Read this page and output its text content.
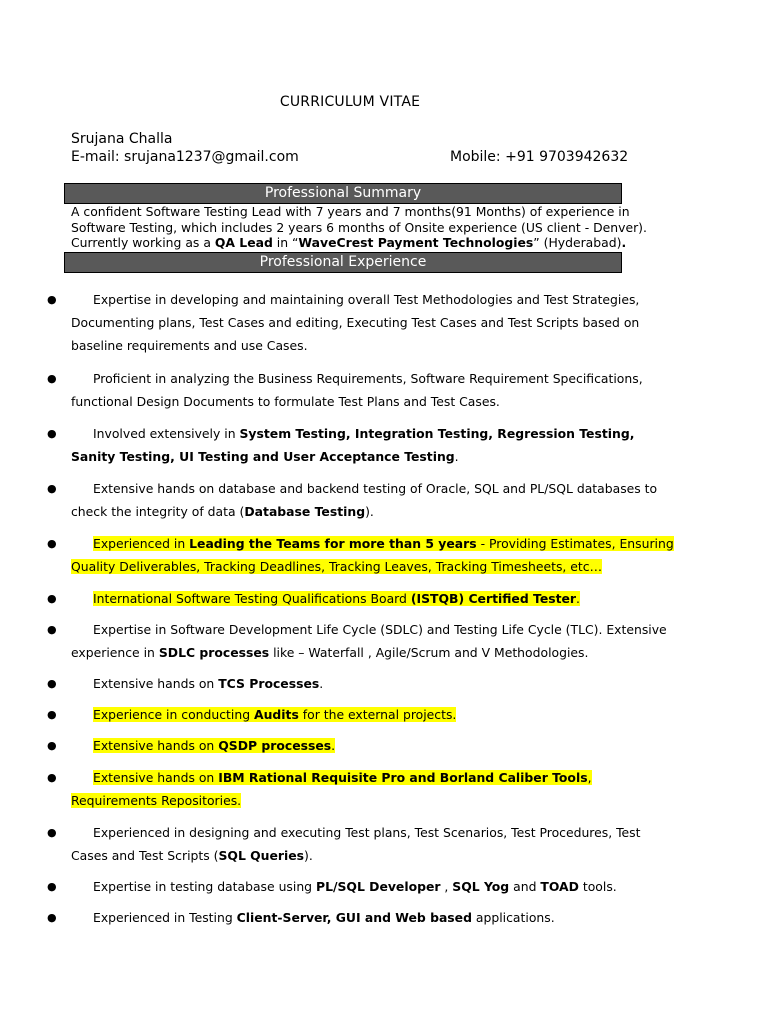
CURRICULUM VITAE
Srujana Challa
E-mail: srujana1237@gmail.com	Mobile: +91 9703942632
Professional Summary

A confident Software Testing Lead with 7 years and 7 months(91 Months) of experience in

Software Testing, which includes 2 years 6 months of Onsite experience (US client - Denver).

Currently working as a QA Lead in “WaveCrest Payment Technologies” (Hyderabad).

Professional Experience
●	Expertise in developing and maintaining overall Test Methodologies and Test Strategies,
Documenting plans, Test Cases and editing, Executing Test Cases and Test Scripts based on
baseline requirements and use Cases.
●	Proficient in analyzing the Business Requirements, Software Requirement Specifications,
functional Design Documents to formulate Test Plans and Test Cases.
●	Involved extensively in System Testing, Integration Testing, Regression Testing,
Sanity Testing, UI Testing and User Acceptance Testing.
●	Extensive hands on database and backend testing of Oracle, SQL and PL/SQL databases to
check the integrity of data (Database Testing).
●	Experienced in Leading the Teams for more than 5 years - Providing Estimates, Ensuring
Quality Deliverables, Tracking Deadlines, Tracking Leaves, Tracking Timesheets, etc…
●	International Software Testing Qualifications Board (ISTQB) Certified Tester.
●	Expertise in Software Development Life Cycle (SDLC) and Testing Life Cycle (TLC). Extensive
experience in SDLC processes like – Waterfall , Agile/Scrum and V Methodologies.
●	Extensive hands on TCS Processes.
●	Experience in conducting Audits for the external projects.
●	Extensive hands on QSDP processes.
●	Extensive hands on IBM Rational Requisite Pro and Borland Caliber Tools,
Requirements Repositories.
●	Experienced in designing and executing Test plans, Test Scenarios, Test Procedures, Test
Cases and Test Scripts (SQL Queries).
●	Expertise in testing database using PL/SQL Developer , SQL Yog and TOAD tools.
●	Experienced in Testing Client-Server, GUI and Web based applications.
